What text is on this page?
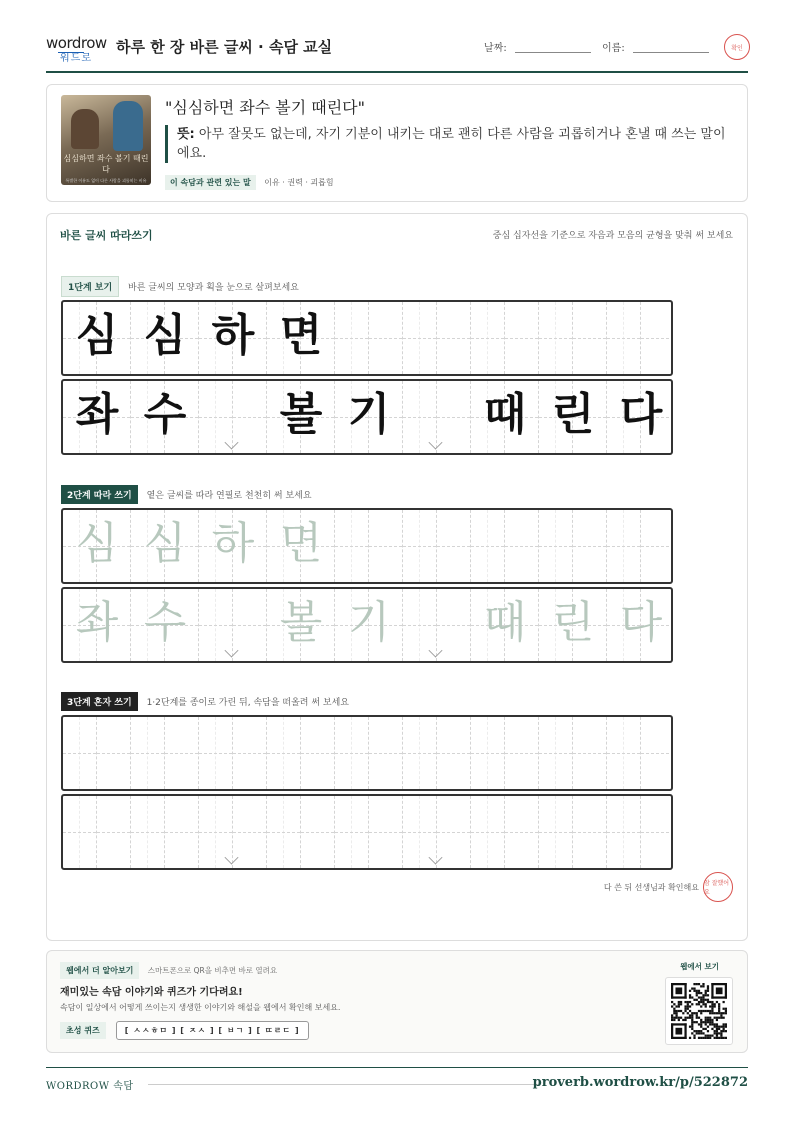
wordrow
워드로
하루 한 장 바른 글씨 · 속담 교실	날짜:	이름:	확인
심심하면 좌수 볼기 때린다
특별한 이유도 없이 다른 사람을 괴롭히는 비유
"심심하면 좌수 볼기 때린다"
뜻: 아무 잘못도 없는데, 자기 기분이 내키는 대로 괜히 다른 사람을 괴롭히거나 혼낼 때 쓰는 말이에요.
이 속담과 관련 있는 말 이유 · 권력 · 괴롭힘
바른 글씨 따라쓰기	중심 십자선을 기준으로 자음과 모음의 균형을 맞춰 써 보세요
1단계 보기 바른 글씨의 모양과 획을 눈으로 살펴보세요
심 심 하 면
좌 수 볼 기 때 린 다
2단계 따라 쓰기 옅은 글씨를 따라 연필로 천천히 써 보세요
심 심 하 면
좌 수 볼 기 때 린 다
3단계 혼자 쓰기 1·2단계를 종이로 가린 뒤, 속담을 떠올려 써 보세요
다 쓴 뒤 선생님과 확인해요 참 잘했어요
웹에서 더 알아보기 스마트폰으로 QR을 비추면 바로 열려요
재미있는 속담 이야기와 퀴즈가 기다려요!
속담이 일상에서 어떻게 쓰이는지 생생한 이야기와 해설을 웹에서 확인해 보세요.
초성 퀴즈	[ ㅅㅅㅎㅁ ] [ ㅈㅅ ] [ ㅂㄱ ] [ ㄸㄹㄷ ]
웹에서 보기
WORDROW 속담	proverb.wordrow.kr/p/522872
